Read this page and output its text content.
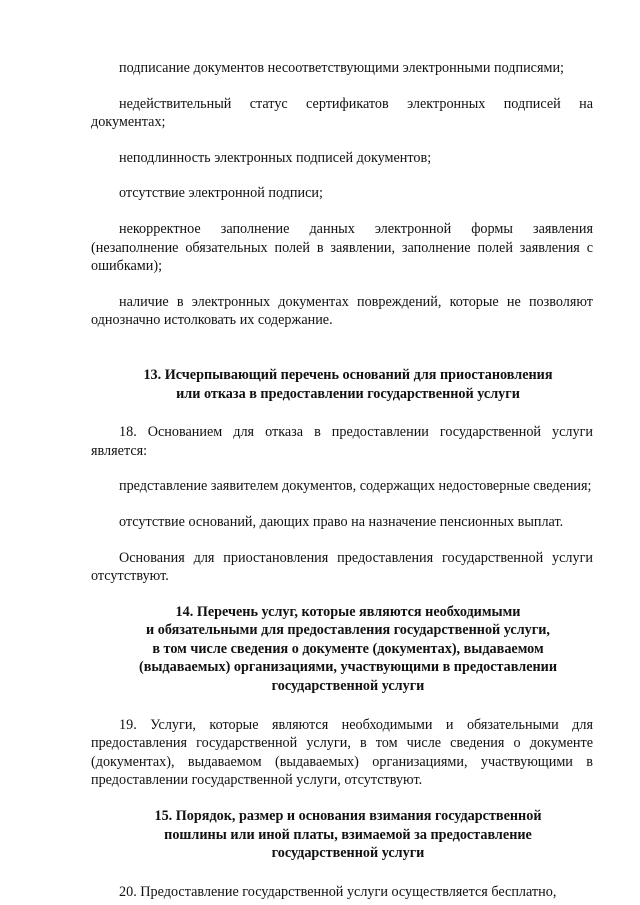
подписание документов несоответствующими электронными подписями;

недействительный статус сертификатов электронных подписей на документах;

неподлинность электронных подписей документов;

отсутствие электронной подписи;

некорректное заполнение данных электронной формы заявления (незаполнение обязательных полей в заявлении, заполнение полей заявления с ошибками);

наличие в электронных документах повреждений, которые не позволяют однозначно истолковать их содержание.

13. Исчерпывающий перечень оснований для приостановления
или отказа в предоставлении государственной услуги

18. Основанием для отказа в предоставлении государственной услуги является:

представление заявителем документов, содержащих недостоверные сведения;

отсутствие оснований, дающих право на назначение пенсионных выплат.

Основания для приостановления предоставления государственной услуги отсутствуют.

14. Перечень услуг, которые являются необходимыми
и обязательными для предоставления государственной услуги,
в том числе сведения о документе (документах), выдаваемом
(выдаваемых) организациями, участвующими в предоставлении
государственной услуги

19. Услуги, которые являются необходимыми и обязательными для предоставления государственной услуги, в том числе сведения о документе (документах), выдаваемом (выдаваемых) организациями, участвующими в предоставлении государственной услуги, отсутствуют.

15. Порядок, размер и основания взимания государственной
пошлины или иной платы, взимаемой за предоставление
государственной услуги

20. Предоставление государственной услуги осуществляется бесплатно,
